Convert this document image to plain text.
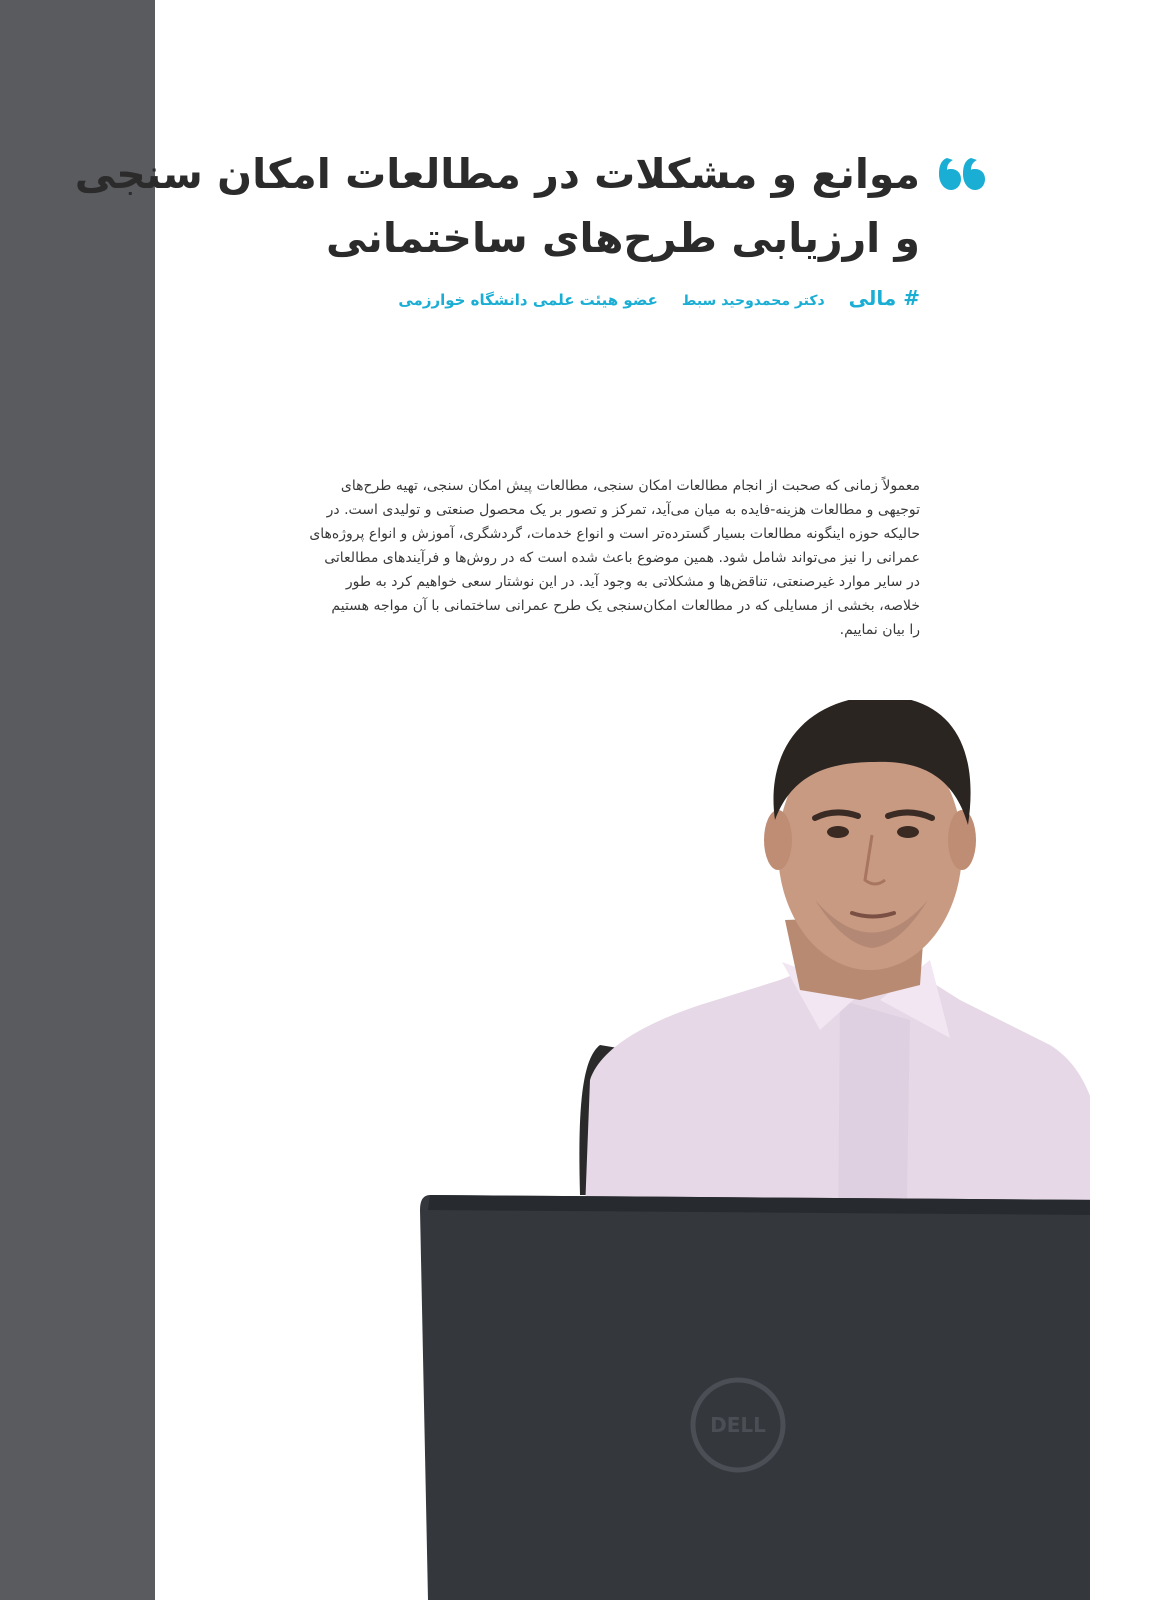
موانع و مشکلات در مطالعات امکان سنجی
و ارزیابی طرح‌های ساختمانی
# مالی
دکتر محمدوحید سبط
عضو هیئت علمی دانشگاه خوارزمی

معمولاً زمانی که صحبت از انجام مطالعات امکان سنجی، مطالعات پیش امکان سنجی، تهیه طرح‌های
توجیهی و مطالعات هزینه-فایده به میان می‌آید، تمرکز و تصور بر یک محصول صنعتی و تولیدی است. در
حالیکه حوزه اینگونه مطالعات بسیار گسترده‌تر است و انواع خدمات، گردشگری، آموزش و انواع پروژه‌های
عمرانی را نیز می‌تواند شامل شود. همین موضوع باعث شده است که در روش‌ها و فرآیندهای مطالعاتی
در سایر موارد غیرصنعتی، تناقض‌ها و مشکلاتی به وجود آید. در این نوشتار سعی خواهیم کرد به طور
خلاصه، بخشی از مسایلی که در مطالعات امکان‌سنجی یک طرح عمرانی ساختمانی با آن مواجه هستیم
را بیان نماییم.

DELL
